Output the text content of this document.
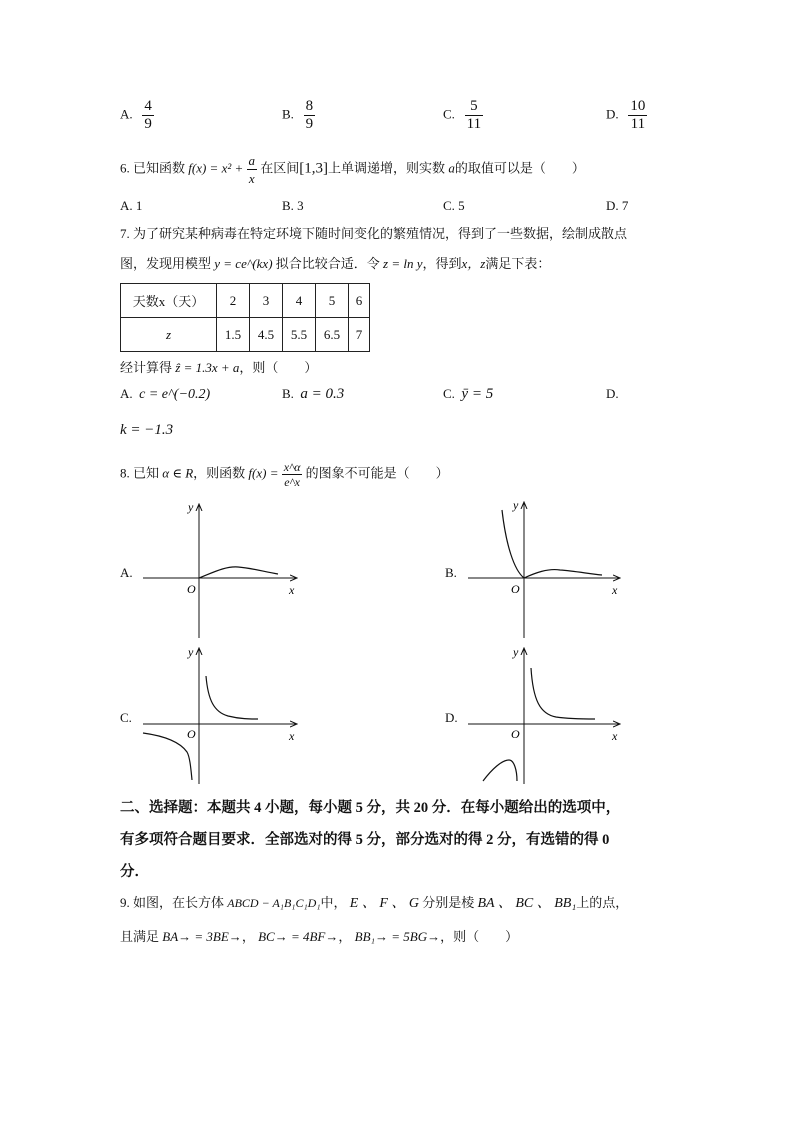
A. $\frac{4}{9}$	B. $\frac{8}{9}$	C. $\frac{5}{11}$	D. $\frac{10}{11}$
6. 已知函数 $f(x) = x^2 + \frac{a}{x}$ 在区间[1,3]上单调递增，则实数 a的取值可以是（　　）
A. 1	B. 3	C. 5	D. 7
7. 为了研究某种病毒在特定环境下随时间变化的繁殖情况，得到了一些数据，绘制成散点
图，发现用模型 y = ce^(kx) 拟合比较合适．令 z = ln y，得到x，z满足下表：
天数x（天）	2	3	4	5	6
z	1.5	4.5	5.5	6.5	7
经计算得 ẑ = 1.3x + a，则（　　）
A. c = e^(−0.2)	B. a = 0.3	C. ȳ = 5	D.
k = −1.3
8. 已知 α ∈ R，则函数 $f(x) = \frac{x\^{}\alpha}{e\^{}x}$ 的图象不可能是（　　）
A.	B.
C.	D.
y
x
O
y
x
O
y
x
O
y
x
O
二、选择题：本题共 4 小题，每小题 5 分，共 20 分．在每小题给出的选项中，
有多项符合题目要求．全部选对的得 5 分，部分选对的得 2 分，有选错的得 0
分．
9. 如图，在长方体 ABCD − A₁B₁C₁D₁中， E 、 F 、 G 分别是棱 BA 、 BC 、 BB₁上的点，
且满足 BA→ = 3BE→， BC→ = 4BF→， BB₁→ = 5BG→，则（　　）
